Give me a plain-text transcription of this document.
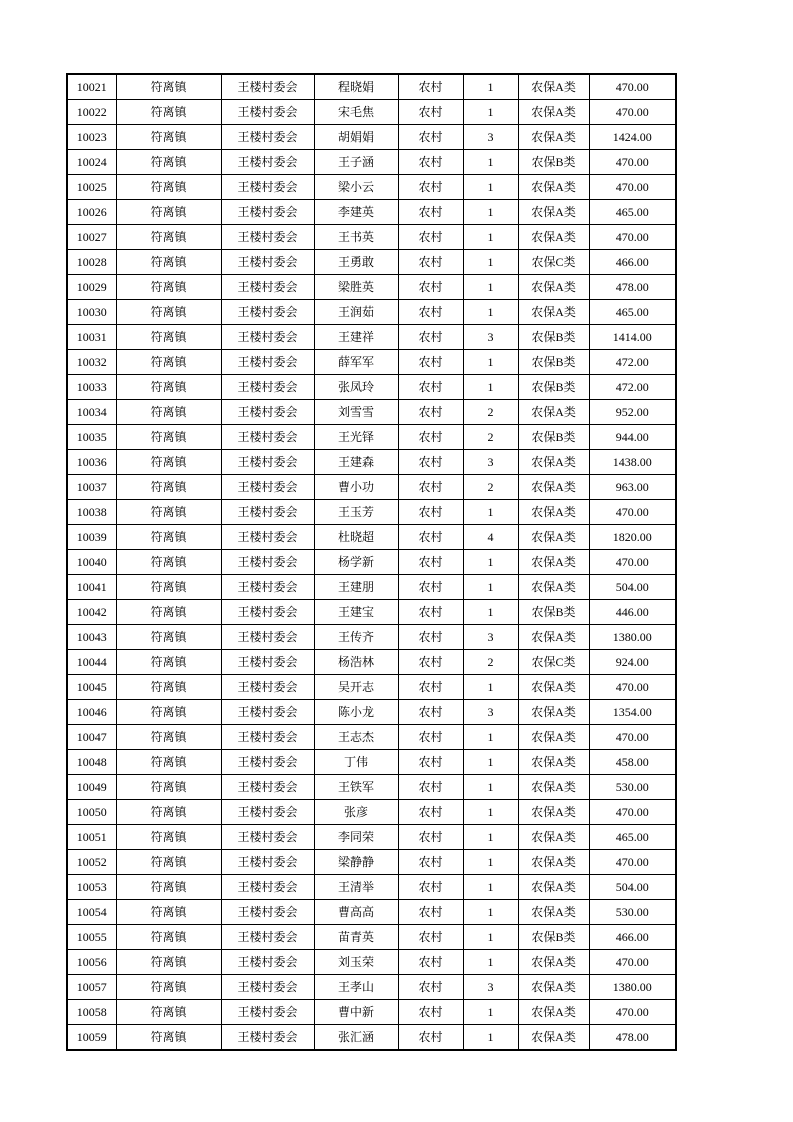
10021	符离镇	王楼村委会	程晓娟	农村	1	农保A类	470.00
10022	符离镇	王楼村委会	宋毛焦	农村	1	农保A类	470.00
10023	符离镇	王楼村委会	胡娟娟	农村	3	农保A类	1424.00
10024	符离镇	王楼村委会	王子涵	农村	1	农保B类	470.00
10025	符离镇	王楼村委会	梁小云	农村	1	农保A类	470.00
10026	符离镇	王楼村委会	李建英	农村	1	农保A类	465.00
10027	符离镇	王楼村委会	王书英	农村	1	农保A类	470.00
10028	符离镇	王楼村委会	王勇敢	农村	1	农保C类	466.00
10029	符离镇	王楼村委会	梁胜英	农村	1	农保A类	478.00
10030	符离镇	王楼村委会	王润茹	农村	1	农保A类	465.00
10031	符离镇	王楼村委会	王建祥	农村	3	农保B类	1414.00
10032	符离镇	王楼村委会	薛军军	农村	1	农保B类	472.00
10033	符离镇	王楼村委会	张凤玲	农村	1	农保B类	472.00
10034	符离镇	王楼村委会	刘雪雪	农村	2	农保A类	952.00
10035	符离镇	王楼村委会	王光铎	农村	2	农保B类	944.00
10036	符离镇	王楼村委会	王建森	农村	3	农保A类	1438.00
10037	符离镇	王楼村委会	曹小功	农村	2	农保A类	963.00
10038	符离镇	王楼村委会	王玉芳	农村	1	农保A类	470.00
10039	符离镇	王楼村委会	杜晓超	农村	4	农保A类	1820.00
10040	符离镇	王楼村委会	杨学新	农村	1	农保A类	470.00
10041	符离镇	王楼村委会	王建朋	农村	1	农保A类	504.00
10042	符离镇	王楼村委会	王建宝	农村	1	农保B类	446.00
10043	符离镇	王楼村委会	王传齐	农村	3	农保A类	1380.00
10044	符离镇	王楼村委会	杨浩林	农村	2	农保C类	924.00
10045	符离镇	王楼村委会	吴开志	农村	1	农保A类	470.00
10046	符离镇	王楼村委会	陈小龙	农村	3	农保A类	1354.00
10047	符离镇	王楼村委会	王志杰	农村	1	农保A类	470.00
10048	符离镇	王楼村委会	丁伟	农村	1	农保A类	458.00
10049	符离镇	王楼村委会	王铁军	农村	1	农保A类	530.00
10050	符离镇	王楼村委会	张彦	农村	1	农保A类	470.00
10051	符离镇	王楼村委会	李同荣	农村	1	农保A类	465.00
10052	符离镇	王楼村委会	梁静静	农村	1	农保A类	470.00
10053	符离镇	王楼村委会	王清举	农村	1	农保A类	504.00
10054	符离镇	王楼村委会	曹高高	农村	1	农保A类	530.00
10055	符离镇	王楼村委会	苗青英	农村	1	农保B类	466.00
10056	符离镇	王楼村委会	刘玉荣	农村	1	农保A类	470.00
10057	符离镇	王楼村委会	王孝山	农村	3	农保A类	1380.00
10058	符离镇	王楼村委会	曹中新	农村	1	农保A类	470.00
10059	符离镇	王楼村委会	张汇涵	农村	1	农保A类	478.00
